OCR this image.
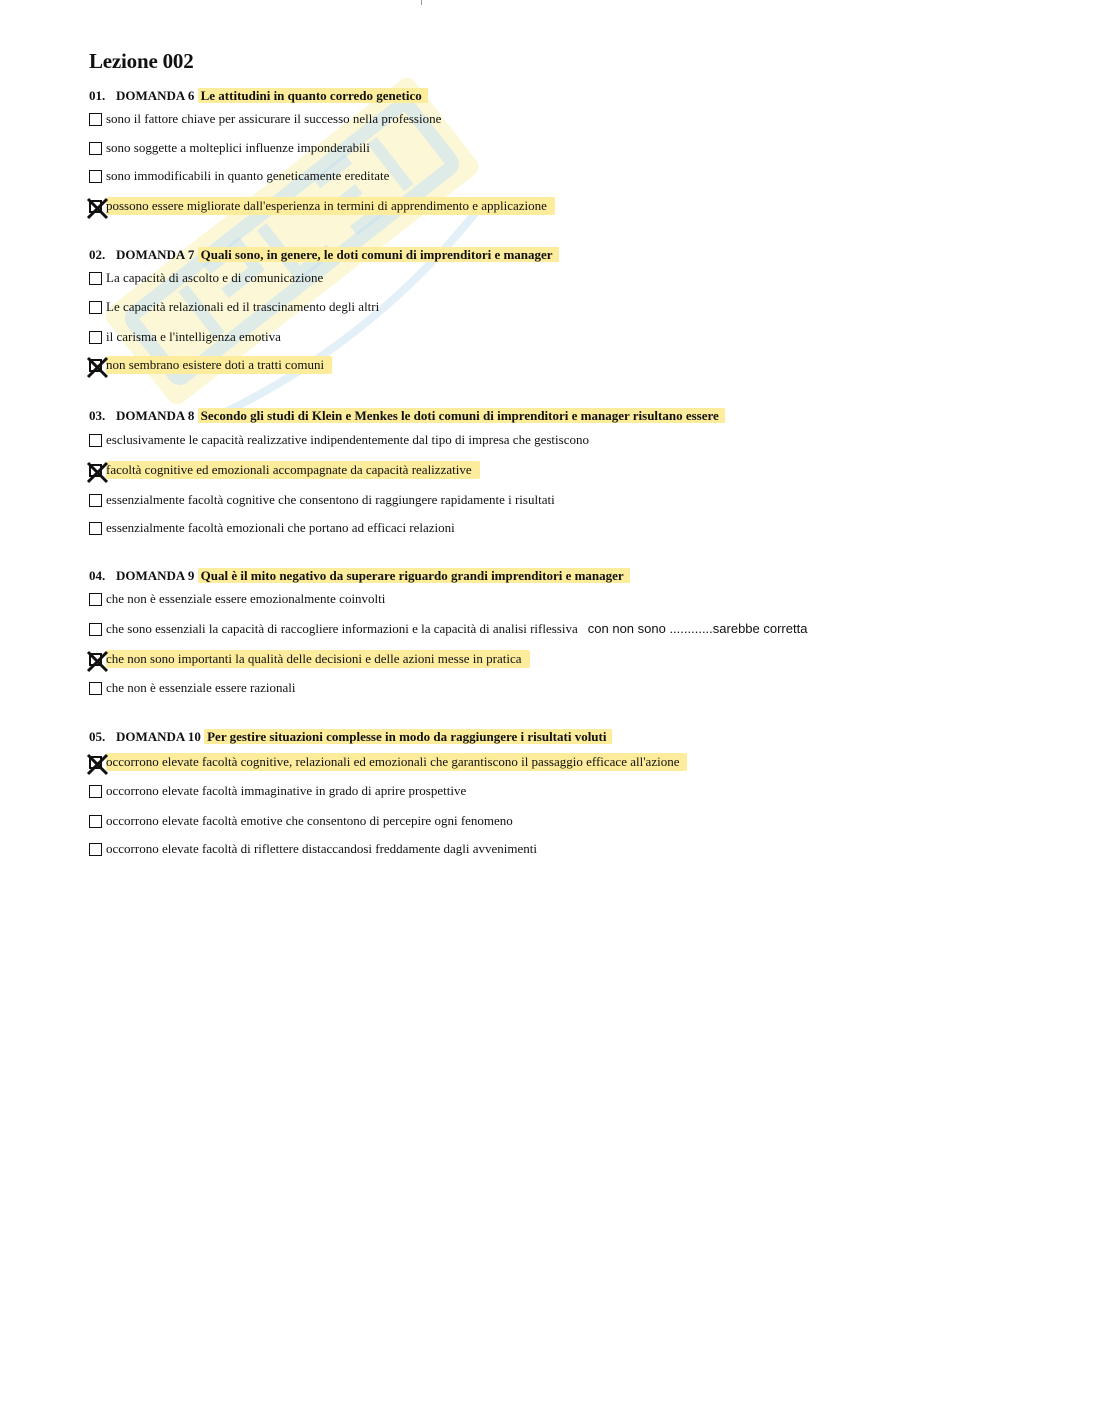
Lezione 002
01. DOMANDA 6 Le attitudini in quanto corredo genetico
sono il fattore chiave per assicurare il successo nella professione
sono soggette a molteplici influenze imponderabili
sono immodificabili in quanto geneticamente ereditate
possono essere migliorate dall'esperienza in termini di apprendimento e applicazione
02. DOMANDA 7 Quali sono, in genere, le doti comuni di imprenditori e manager
La capacità di ascolto e di comunicazione
Le capacità relazionali ed il trascinamento degli altri
il carisma e l'intelligenza emotiva
non sembrano esistere doti a tratti comuni
03. DOMANDA 8 Secondo gli studi di Klein e Menkes le doti comuni di imprenditori e manager risultano essere
esclusivamente le capacità realizzative indipendentemente dal tipo di impresa che gestiscono
facoltà cognitive ed emozionali accompagnate da capacità realizzative
essenzialmente facoltà cognitive che consentono di raggiungere rapidamente i risultati
essenzialmente facoltà emozionali che portano ad efficaci relazioni
04. DOMANDA 9 Qual è il mito negativo da superare riguardo grandi imprenditori e manager
che non è essenziale essere emozionalmente coinvolti
che sono essenziali la capacità di raccogliere informazioni e la capacità di analisi riflessiva con non sono ............sarebbe corretta
che non sono importanti la qualità delle decisioni e delle azioni messe in pratica
che non è essenziale essere razionali
05. DOMANDA 10 Per gestire situazioni complesse in modo da raggiungere i risultati voluti
occorrono elevate facoltà cognitive, relazionali ed emozionali che garantiscono il passaggio efficace all'azione
occorrono elevate facoltà immaginative in grado di aprire prospettive
occorrono elevate facoltà emotive che consentono di percepire ogni fenomeno
occorrono elevate facoltà di riflettere distaccandosi freddamente dagli avvenimenti
